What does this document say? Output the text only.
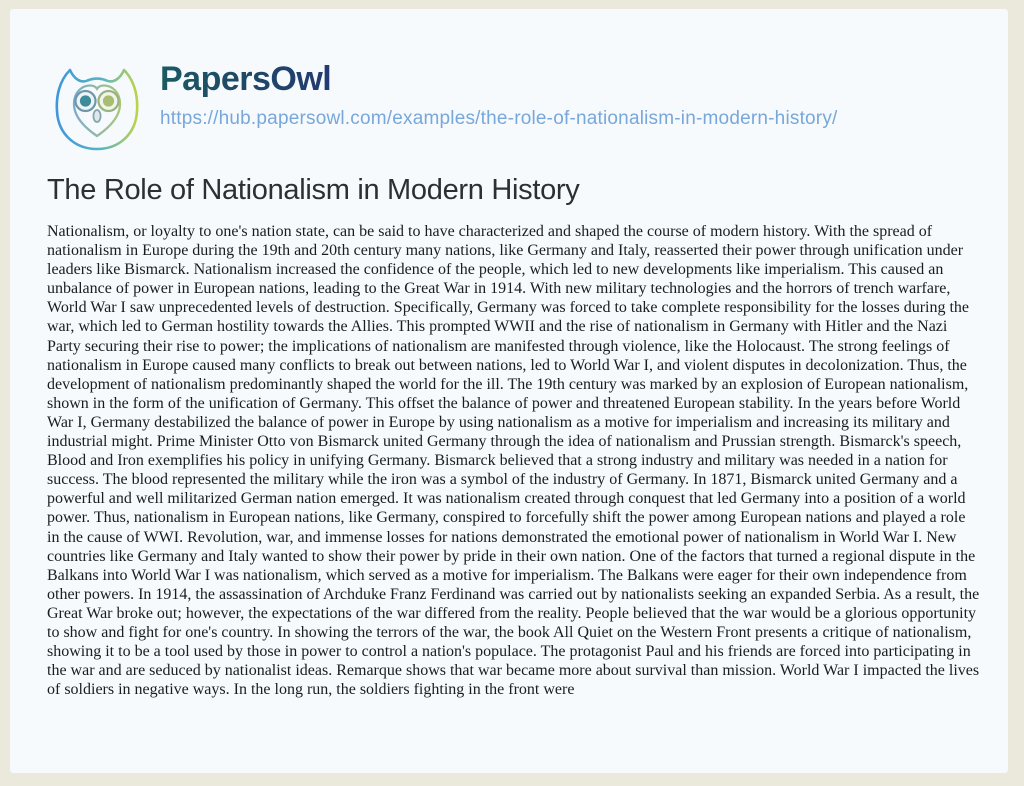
PapersOwl
https://hub.papersowl.com/examples/the-role-of-nationalism-in-modern-history/
The Role of Nationalism in Modern History

Nationalism, or loyalty to one's nation state, can be said to have characterized and shaped the course of modern history. With the spread of nationalism in Europe during the 19th and 20th century many nations, like Germany and Italy, reasserted their power through unification under leaders like Bismarck. Nationalism increased the confidence of the people, which led to new developments like imperialism. This caused an unbalance of power in European nations, leading to the Great War in 1914. With new military technologies and the horrors of trench warfare, World War I saw unprecedented levels of destruction. Specifically, Germany was forced to take complete responsibility for the losses during the war, which led to German hostility towards the Allies. This prompted WWII and the rise of nationalism in Germany with Hitler and the Nazi Party securing their rise to power; the implications of nationalism are manifested through violence, like the Holocaust. The strong feelings of nationalism in Europe caused many conflicts to break out between nations, led to World War I, and violent disputes in decolonization. Thus, the development of nationalism predominantly shaped the world for the ill. The 19th century was marked by an explosion of European nationalism, shown in the form of the unification of Germany. This offset the balance of power and threatened European stability. In the years before World War I, Germany destabilized the balance of power in Europe by using nationalism as a motive for imperialism and increasing its military and industrial might. Prime Minister Otto von Bismarck united Germany through the idea of nationalism and Prussian strength. Bismarck's speech, Blood and Iron exemplifies his policy in unifying Germany. Bismarck believed that a strong industry and military was needed in a nation for success. The blood represented the military while the iron was a symbol of the industry of Germany. In 1871, Bismarck united Germany and a powerful and well militarized German nation emerged. It was nationalism created through conquest that led Germany into a position of a world power. Thus, nationalism in European nations, like Germany, conspired to forcefully shift the power among European nations and played a role in the cause of WWI. Revolution, war, and immense losses for nations demonstrated the emotional power of nationalism in World War I. New countries like Germany and Italy wanted to show their power by pride in their own nation. One of the factors that turned a regional dispute in the Balkans into World War I was nationalism, which served as a motive for imperialism. The Balkans were eager for their own independence from other powers. In 1914, the assassination of Archduke Franz Ferdinand was carried out by nationalists seeking an expanded Serbia. As a result, the Great War broke out; however, the expectations of the war differed from the reality. People believed that the war would be a glorious opportunity to show and fight for one's country. In showing the terrors of the war, the book All Quiet on the Western Front presents a critique of nationalism, showing it to be a tool used by those in power to control a nation's populace. The protagonist Paul and his friends are forced into participating in the war and are seduced by nationalist ideas. Remarque shows that war became more about survival than mission. World War I impacted the lives of soldiers in negative ways. In the long run, the soldiers fighting in the front were
